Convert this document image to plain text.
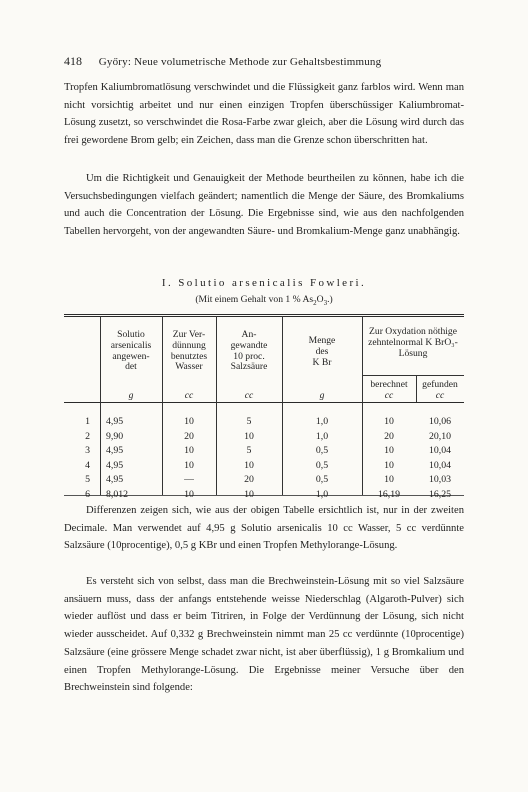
418 Győry: Neue volumetrische Methode zur Gehaltsbestimmung

Tropfen Kaliumbromatlösung verschwindet und die Flüssigkeit ganz farblos wird. Wenn man nicht vorsichtig arbeitet und nur einen einzigen Tropfen überschüssiger Kaliumbromat-Lösung zusetzt, so verschwindet die Rosa-Farbe zwar gleich, aber die Lösung wird durch das frei gewordene Brom gelb; ein Zeichen, dass man die Grenze schon überschritten hat.

Um die Richtigkeit und Genauigkeit der Methode beurtheilen zu können, habe ich die Versuchsbedingungen vielfach geändert; namentlich die Menge der Säure, des Bromkaliums und auch die Concentration der Lösung. Die Ergebnisse sind, wie aus den nachfolgenden Tabellen hervorgeht, von der angewandten Säure- und Bromkalium-Menge ganz unabhängig.

I. Solutio arsenicalis Fowleri.
(Mit einem Gehalt von 1 % $As_2O_3$.)
Solutio
arsenicalis
angewen-
det
Zur Ver-
dünnung
benutztes
Wasser
An-
gewandte
10 proc.
Salzsäure
Menge
des
K Br
Zur Oxydation nöthige
zehntelnormal K BrO₃-
Lösung
berechnet	gefunden
g	cc	cc	g	cc	cc
1 4,95	10	5	1,0	10	10,06
2 9,90	20	10	1,0	20	20,10
3 4,95	10	5	0,5	10	10,04
4 4,95	10	10	0,5	10	10,04
5 4,95	—	20	0,5	10	10,03
6 8,012	10	10	1,0	16,19	16,25

Differenzen zeigen sich, wie aus der obigen Tabelle ersichtlich ist, nur in der zweiten Decimale. Man verwendet auf 4,95 g Solutio arsenicalis 10 cc Wasser, 5 cc verdünnte Salzsäure (10procentige), 0,5 g KBr und einen Tropfen Methylorange-Lösung.

Es versteht sich von selbst, dass man die Brechweinstein-Lösung mit so viel Salzsäure ansäuern muss, dass der anfangs entstehende weisse Niederschlag (Algaroth-Pulver) sich wieder auflöst und dass er beim Titriren, in Folge der Verdünnung der Lösung, sich nicht wieder ausscheidet. Auf 0,332 g Brechweinstein nimmt man 25 cc verdünnte (10procentige) Salzsäure (eine grössere Menge schadet zwar nicht, ist aber überflüssig), 1 g Bromkalium und einen Tropfen Methylorange-Lösung. Die Ergebnisse meiner Versuche über den Brechweinstein sind folgende:
